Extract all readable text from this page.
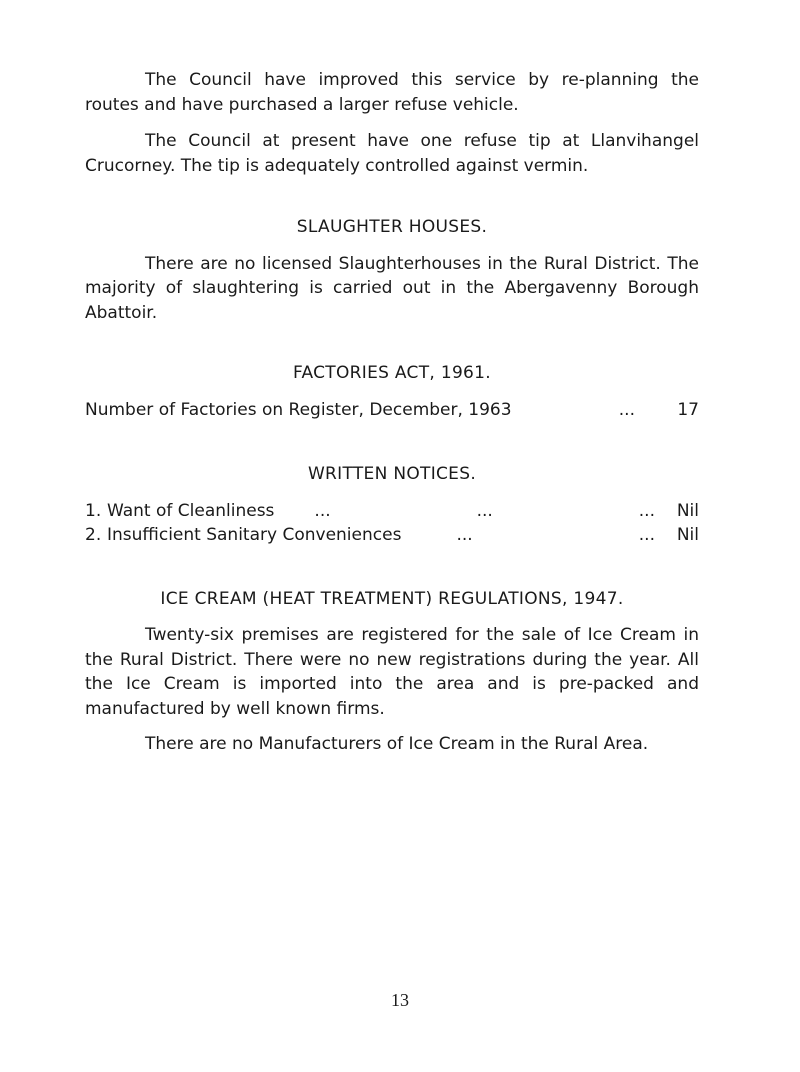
The Council have improved this service by re-planning the routes and have purchased a larger refuse vehicle.

The Council at present have one refuse tip at Llanvihangel Crucorney. The tip is adequately controlled against vermin.

SLAUGHTER HOUSES.

There are no licensed Slaughterhouses in the Rural District. The majority of slaughtering is carried out in the Abergavenny Borough Abattoir.

FACTORIES ACT, 1961.
Number of Factories on Register, December, 1963	... 17
WRITTEN NOTICES.
1. Want of Cleanliness ...	...	... Nil
2. Insufficient Sanitary Conveniences	...	... Nil
ICE CREAM (HEAT TREATMENT) REGULATIONS, 1947.

Twenty-six premises are registered for the sale of Ice Cream in the Rural District. There were no new registrations during the year. All the Ice Cream is imported into the area and is pre-packed and manufactured by well known firms.

There are no Manufacturers of Ice Cream in the Rural Area.

13
